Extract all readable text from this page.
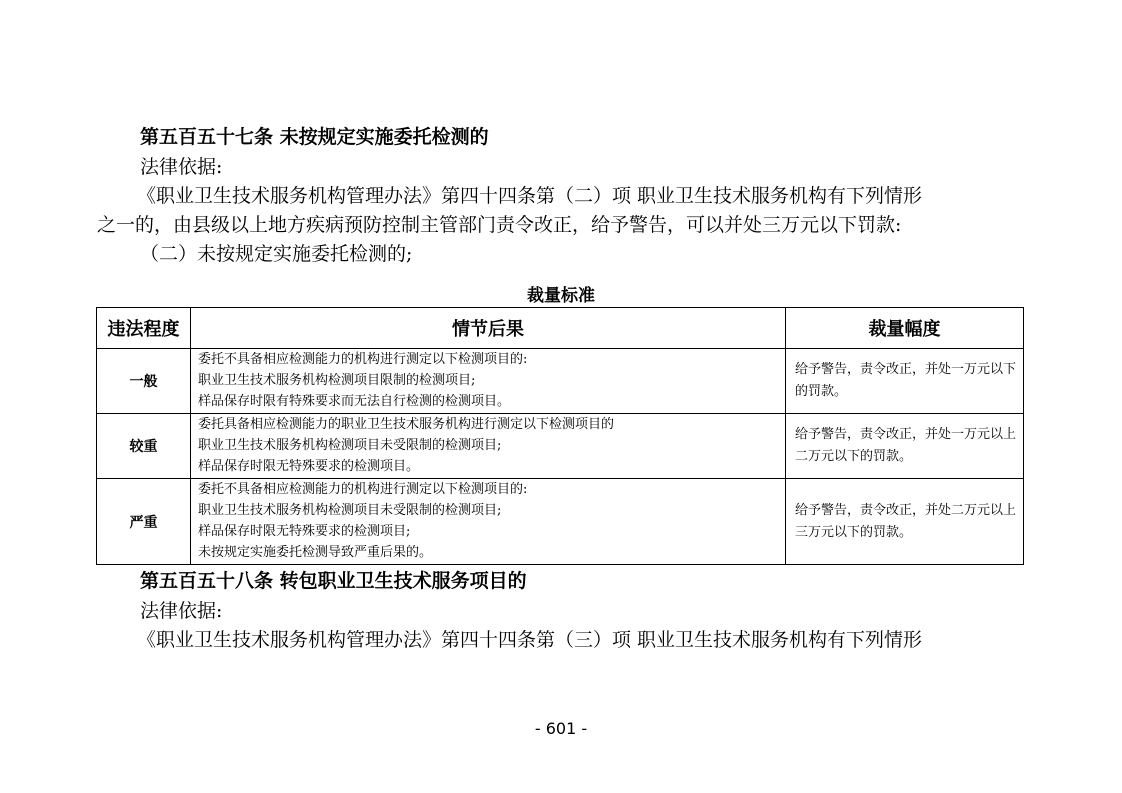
第五百五十七条 未按规定实施委托检测的
法律依据:
《职业卫生技术服务机构管理办法》第四十四条第（二）项 职业卫生技术服务机构有下列情形
之一的，由县级以上地方疾病预防控制主管部门责令改正，给予警告，可以并处三万元以下罚款:
（二）未按规定实施委托检测的;
裁量标准
违法程度	情节后果	裁量幅度
一般	委托不具备相应检测能力的机构进行测定以下检测项目的:
职业卫生技术服务机构检测项目限制的检测项目;
样品保存时限有特殊要求而无法自行检测的检测项目。	给予警告，责令改正，并处一万元以下的罚款。
较重	委托具备相应检测能力的职业卫生技术服务机构进行测定以下检测项目的
职业卫生技术服务机构检测项目未受限制的检测项目;
样品保存时限无特殊要求的检测项目。	给予警告，责令改正，并处一万元以上二万元以下的罚款。
严重	委托不具备相应检测能力的机构进行测定以下检测项目的:
职业卫生技术服务机构检测项目未受限制的检测项目;
样品保存时限无特殊要求的检测项目;
未按规定实施委托检测导致严重后果的。	给予警告，责令改正，并处二万元以上三万元以下的罚款。
第五百五十八条 转包职业卫生技术服务项目的
法律依据:
《职业卫生技术服务机构管理办法》第四十四条第（三）项 职业卫生技术服务机构有下列情形
- 601 -
